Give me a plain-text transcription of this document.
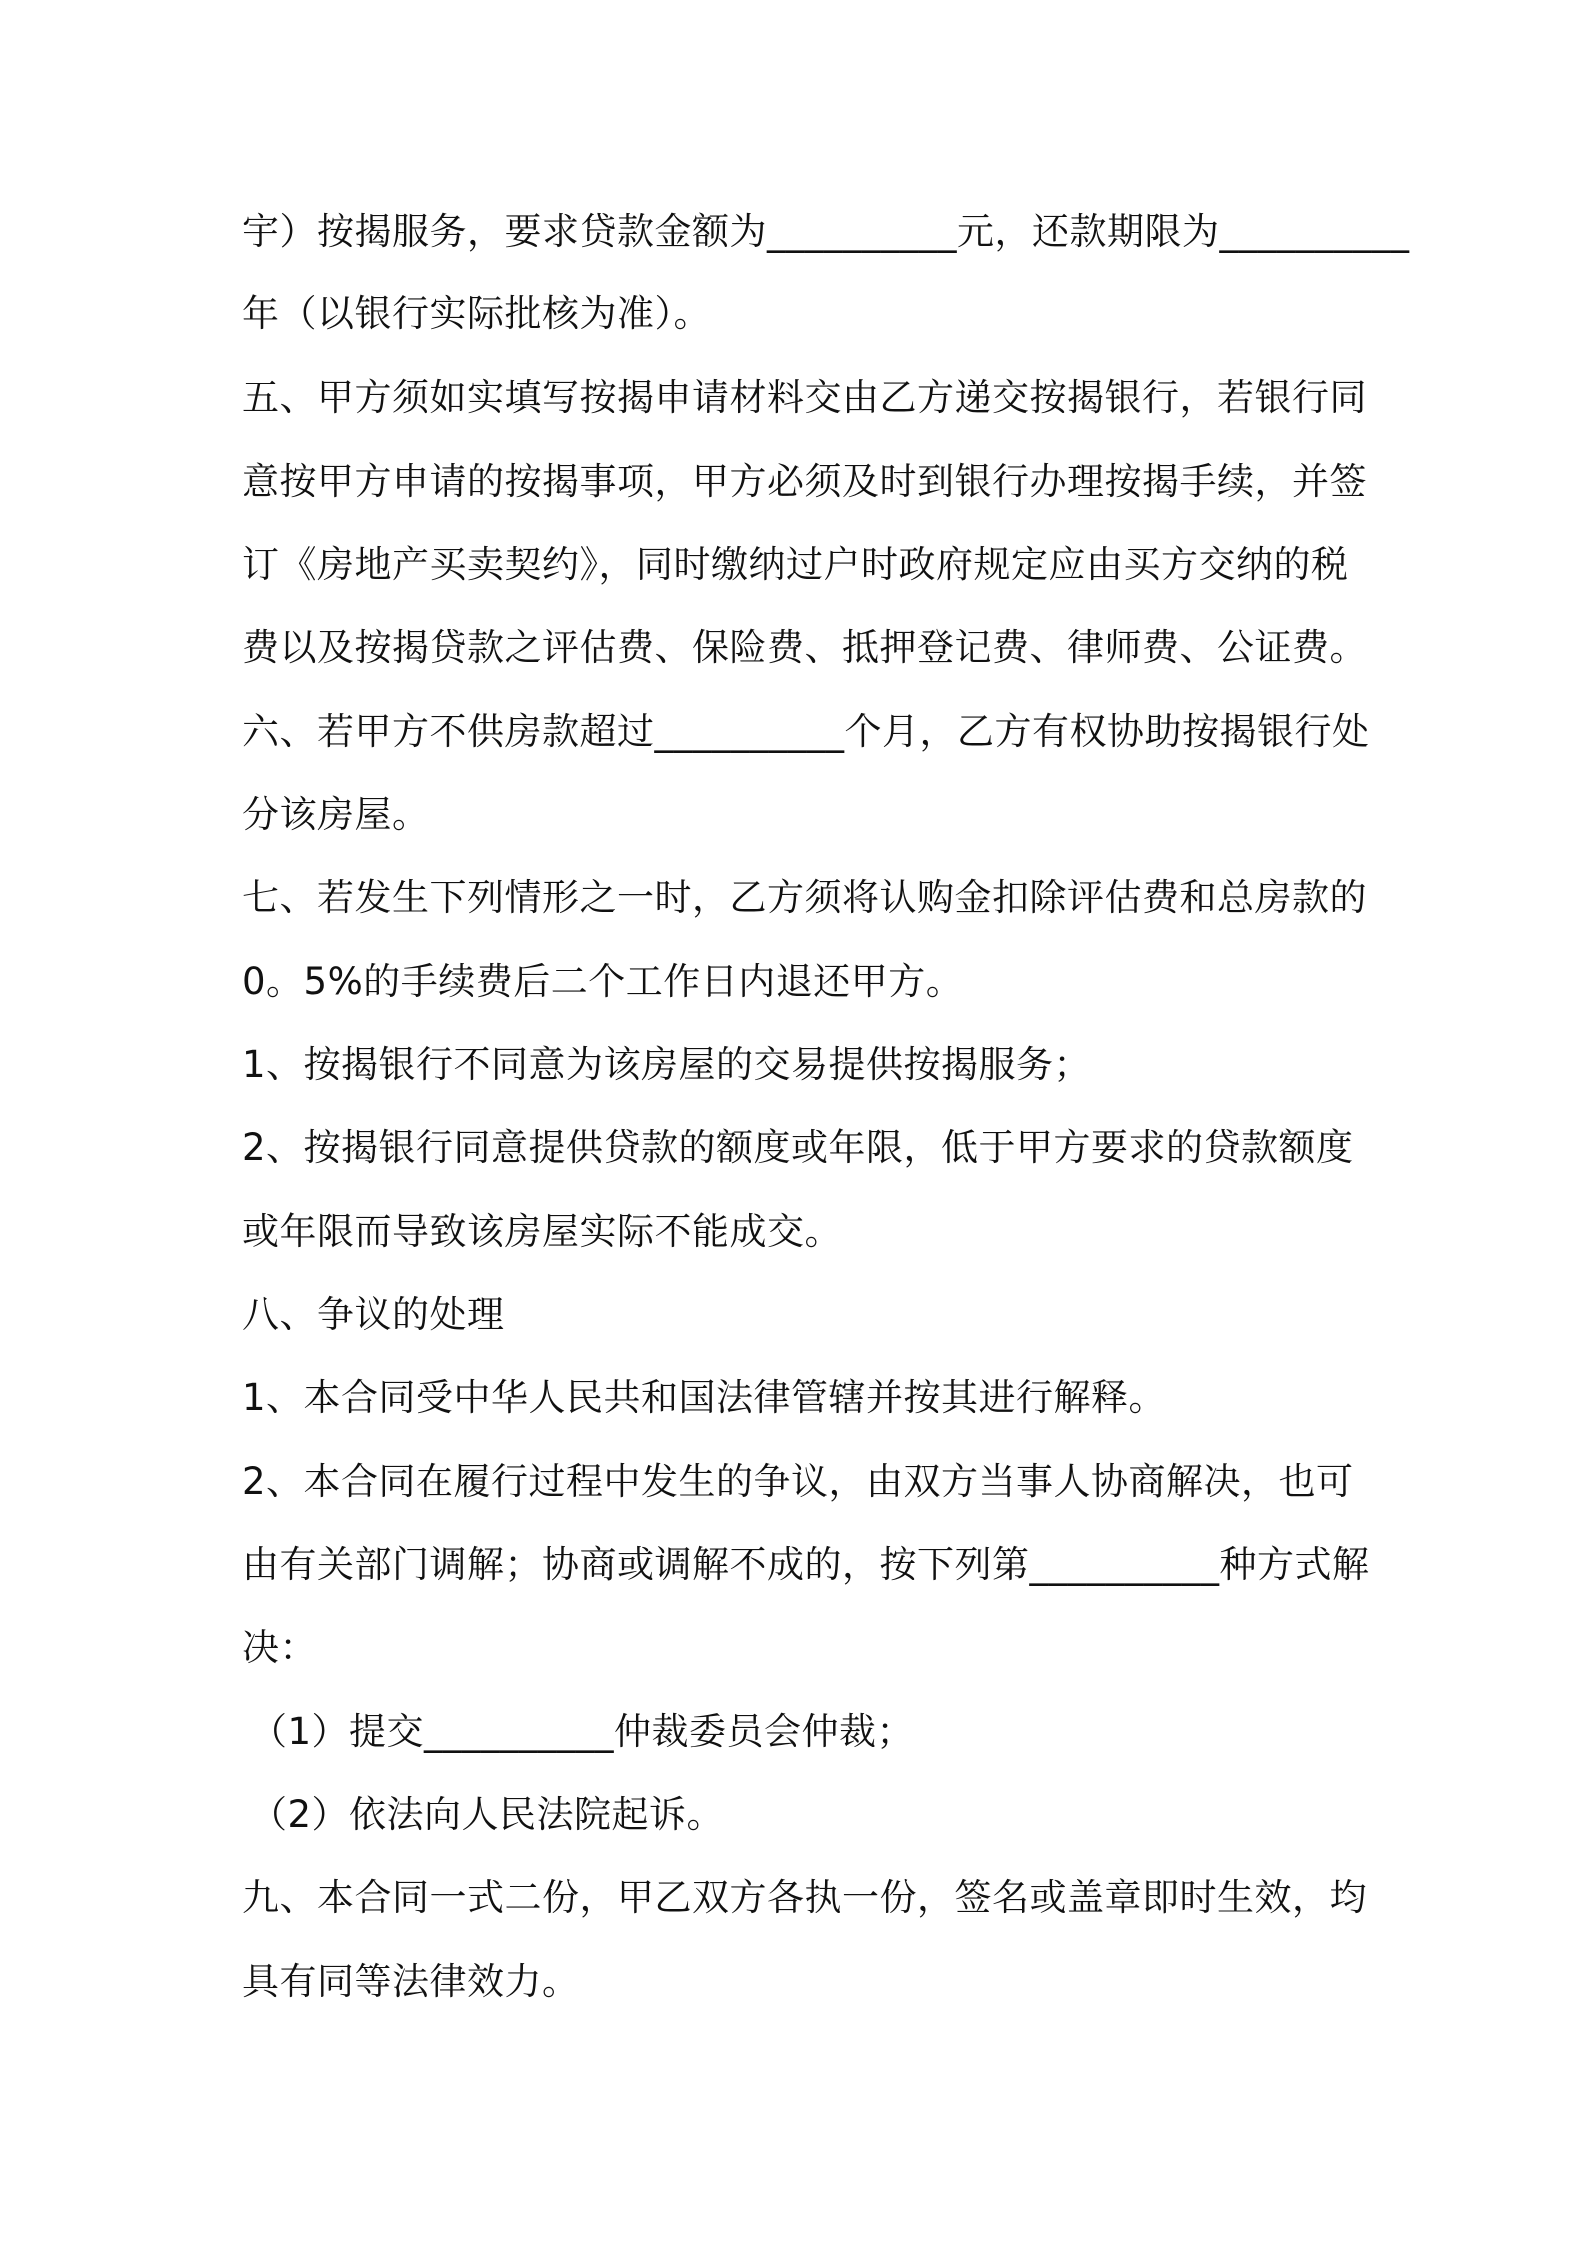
宇）按揭服务，要求贷款金额为__________元，还款期限为__________
年（以银行实际批核为准）。
五、甲方须如实填写按揭申请材料交由乙方递交按揭银行，若银行同
意按甲方申请的按揭事项，甲方必须及时到银行办理按揭手续，并签
订《房地产买卖契约》，同时缴纳过户时政府规定应由买方交纳的税
费以及按揭贷款之评估费、保险费、抵押登记费、律师费、公证费。
六、若甲方不供房款超过__________个月，乙方有权协助按揭银行处
分该房屋。
七、若发生下列情形之一时，乙方须将认购金扣除评估费和总房款的
0。5%的手续费后二个工作日内退还甲方。
1、按揭银行不同意为该房屋的交易提供按揭服务；
2、按揭银行同意提供贷款的额度或年限，低于甲方要求的贷款额度
或年限而导致该房屋实际不能成交。
八、争议的处理
1、本合同受中华人民共和国法律管辖并按其进行解释。
2、本合同在履行过程中发生的争议，由双方当事人协商解决，也可
由有关部门调解；协商或调解不成的，按下列第__________种方式解
决：
（1）提交__________仲裁委员会仲裁；
（2）依法向人民法院起诉。
九、本合同一式二份，甲乙双方各执一份，签名或盖章即时生效，均
具有同等法律效力。
